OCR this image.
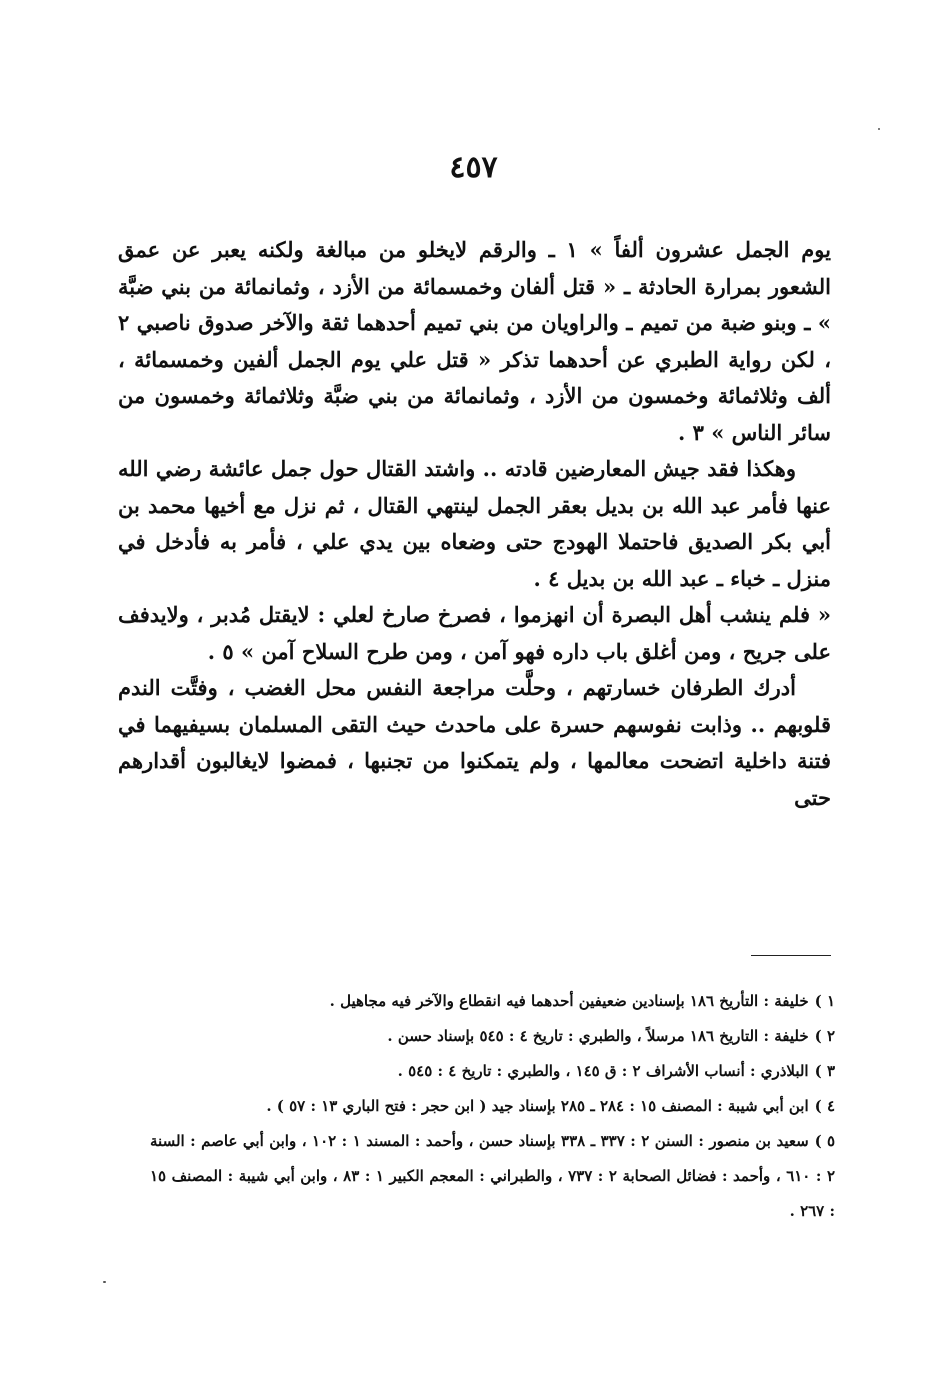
٤٥٧

يوم الجمل عشرون ألفاً » ١ ـ والرقم لايخلو من مبالغة ولكنه يعبر عن عمق الشعور بمرارة الحادثة ـ « قتل ألفان وخمسمائة من الأزد ، وثمانمائة من بني ضبَّة » ـ وبنو ضبة من تميم ـ والراويان من بني تميم أحدهما ثقة والآخر صدوق ناصبي ٢ ، لكن رواية الطبري عن أحدهما تذكر « قتل علي يوم الجمل ألفين وخمسمائة ، ألف وثلاثمائة وخمسون من الأزد ، وثمانمائة من بني ضبَّة وثلاثمائة وخمسون من سائر الناس » ٣ .

وهكذا فقد جيش المعارضين قادته .. واشتد القتال حول جمل عائشة رضي الله عنها فأمر عبد الله بن بديل بعقر الجمل لينتهي القتال ، ثم نزل مع أخيها محمد بن أبي بكر الصديق فاحتملا الهودج حتى وضعاه بين يدي علي ، فأمر به فأدخل في منزل ـ خباء ـ عبد الله بن بديل ٤ .

« فلم ينشب أهل البصرة أن انهزموا ، فصرخ صارخ لعلي : لايقتل مُدبر ، ولايدفف على جريح ، ومن أغلق باب داره فهو آمن ، ومن طرح السلاح آمن » ٥ .

أدرك الطرفان خسارتهم ، وحلَّت مراجعة النفس محل الغضب ، وفتَّت الندم قلوبهم .. وذابت نفوسهم حسرة على ماحدث حيث التقى المسلمان بسيفيهما في فتنة داخلية اتضحت معالمها ، ولم يتمكنوا من تجنبها ، فمضوا لايغالبون أقدارهم حتى

١ )خليفة : التأريخ ١٨٦ بإسنادين ضعيفين أحدهما فيه انقطاع والآخر فيه مجاهيل .

٢ )خليفة : التاريخ ١٨٦ مرسلاً ، والطبري : تاريخ ٤ : ٥٤٥ بإسناد حسن .

٣ )البلاذري : أنساب الأشراف ٢ : ق ١٤٥ ، والطبري : تاريخ ٤ : ٥٤٥ .

٤ )ابن أبي شيبة : المصنف ١٥ : ٢٨٤ ـ ٢٨٥ بإسناد جيد ( ابن حجر : فتح الباري ١٣ : ٥٧ ) .

٥ )سعيد بن منصور : السنن ٢ : ٣٣٧ ـ ٣٣٨ بإسناد حسن ، وأحمد : المسند ١ : ١٠٢ ، وابن أبي عاصم : السنة ٢ : ٦١٠ ، وأحمد : فضائل الصحابة ٢ : ٧٣٧ ، والطبراني : المعجم الكبير ١ : ٨٣ ، وابن أبي شيبة : المصنف ١٥ : ٢٦٧ .
